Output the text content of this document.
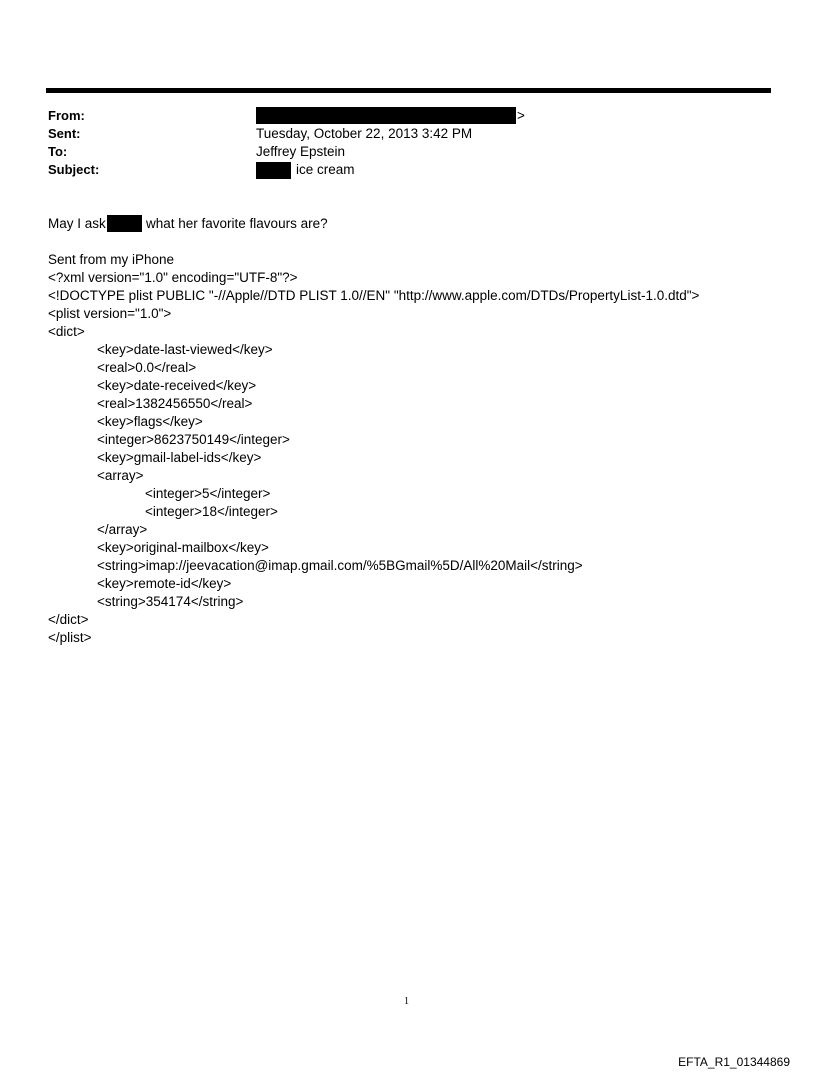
From:	>
Sent:	Tuesday, October 22, 2013 3:42 PM
To:	Jeffrey Epstein
Subject:	ice cream
May I ask	what her favorite flavours are?
Sent from my iPhone
<?xml version="1.0" encoding="UTF-8"?>
<!DOCTYPE plist PUBLIC "-//Apple//DTD PLIST 1.0//EN" "http://www.apple.com/DTDs/PropertyList-1.0.dtd">
<plist version="1.0">
<dict>
<key>date-last-viewed</key>
<real>0.0</real>
<key>date-received</key>
<real>1382456550</real>
<key>flags</key>
<integer>8623750149</integer>
<key>gmail-label-ids</key>
<array>
<integer>5</integer>
<integer>18</integer>
</array>
<key>original-mailbox</key>
<string>imap://jeevacation@imap.gmail.com/%5BGmail%5D/All%20Mail</string>
<key>remote-id</key>
<string>354174</string>
</dict>
</plist>
1
EFTA_R1_01344869
